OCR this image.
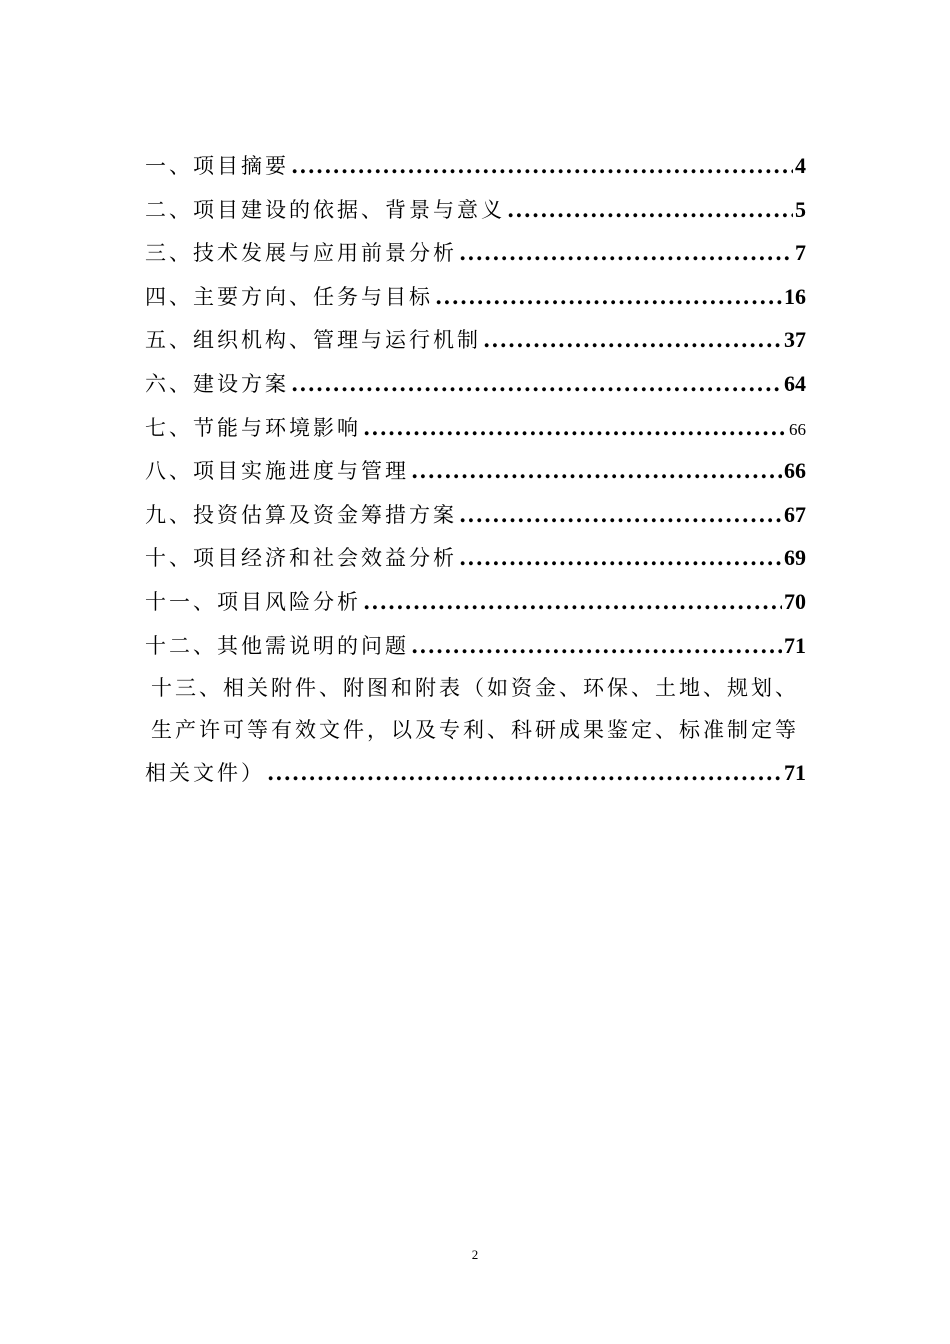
一、项目摘要 .....	4
二、项目建设的依据、背景与意义 .....	5
三、技术发展与应用前景分析 .....	7
四、主要方向、任务与目标 .....	16
五、组织机构、管理与运行机制 .....	37
六、建设方案 .....	64
七、节能与环境影响 .....	66
八、项目实施进度与管理 .....	66
九、投资估算及资金筹措方案 .....	67
十、项目经济和社会效益分析 .....	69
十一、项目风险分析 .....	70
十二、其他需说明的问题 .....	71
十三、相关附件、附图和附表（如资金、环保、土地、规划、
生产许可等有效文件，以及专利、科研成果鉴定、标准制定等
相关文件） .....	71
2
